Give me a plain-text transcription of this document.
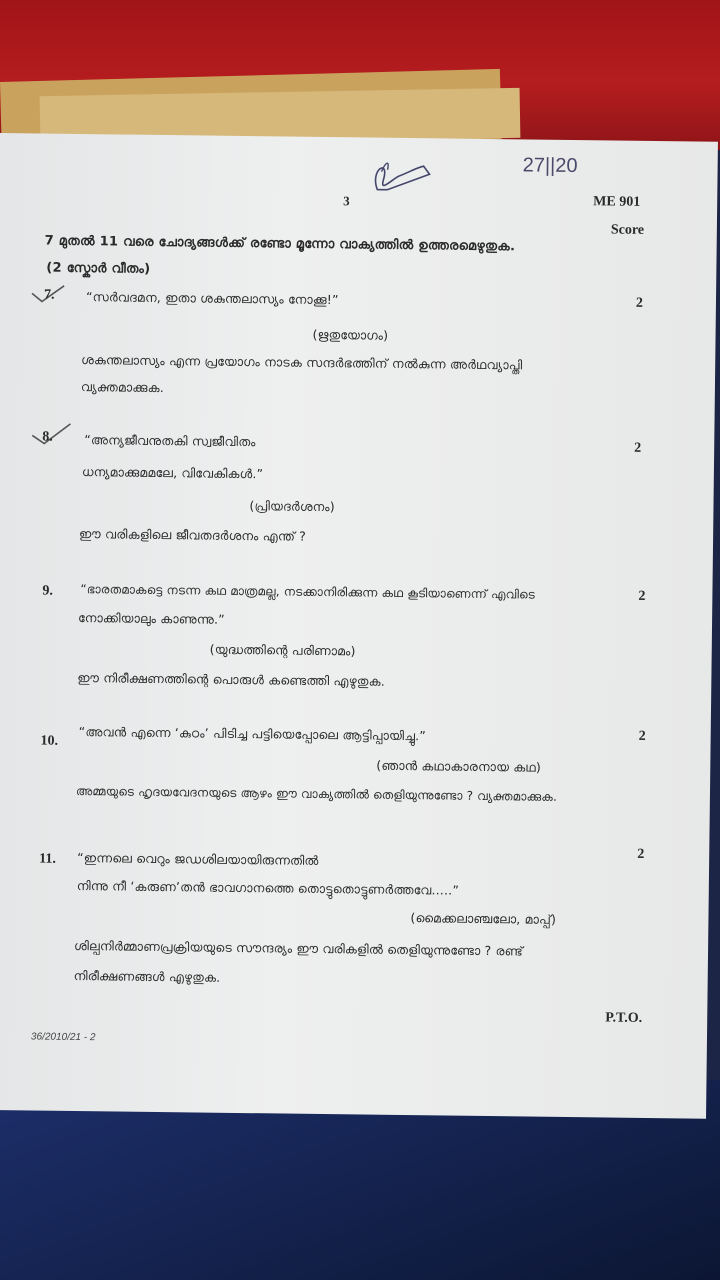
27||20
3	ME 901
Score
7 മുതൽ 11 വരെ ചോദ്യങ്ങൾക്ക് രണ്ടോ മൂന്നോ വാക്യത്തിൽ ഉത്തരമെഴുതുക.
(2 സ്കോർ വീതം)
7.	“സർവദമന, ഇതാ ശകുന്തലാസ്യം നോക്കൂ!”	2
(ഋതുയോഗം)
ശകുന്തലാസ്യം എന്ന പ്രയോഗം നാടക സന്ദർഭത്തിന് നൽകുന്ന അർഥവ്യാപ്തി
വ്യക്തമാക്കുക.
8.	“അന്യജീവനുതകി സ്വജീവിതം	2
ധന്യമാക്കുമമലേ, വിവേകികൾ.”
(പ്രിയദർശനം)
ഈ വരികളിലെ ജീവതദർശനം എന്ത് ?
9. “ഭാരതമാകട്ടെ നടന്ന കഥ മാത്രമല്ല, നടക്കാനിരിക്കുന്ന കഥ കൂടിയാണെന്ന് എവിടെ	2
നോക്കിയാലും കാണുന്നു.”
(യുദ്ധത്തിന്റെ പരിണാമം)
ഈ നിരീക്ഷണത്തിന്റെ പൊരുൾ കണ്ടെത്തി എഴുതുക.
10. “അവൻ എന്നെ ‘കുഠം’ പിടിച്ച പട്ടിയെപ്പോലെ ആട്ടിപ്പായിച്ചു.”	2
(ഞാൻ കഥാകാരനായ കഥ)
അമ്മയുടെ ഹൃദയവേദനയുടെ ആഴം ഈ വാക്യത്തിൽ തെളിയുന്നുണ്ടോ ? വ്യക്തമാക്കുക.
11. “ഇന്നലെ വെറും ജഡശിലയായിരുന്നതിൽ	2
നിന്നു നീ ‘കരുണ’തൻ ഭാവഗാനത്തെ തൊട്ടുതൊട്ടുണർത്തവേ.....”
(മൈക്കലാഞ്ചലോ, മാപ്പ്)
ശില്പനിർമ്മാണപ്രക്രിയയുടെ സൗന്ദര്യം ഈ വരികളിൽ തെളിയുന്നുണ്ടോ ? രണ്ട്
നിരീക്ഷണങ്ങൾ എഴുതുക.
P.T.O.
36/2010/21 - 2
